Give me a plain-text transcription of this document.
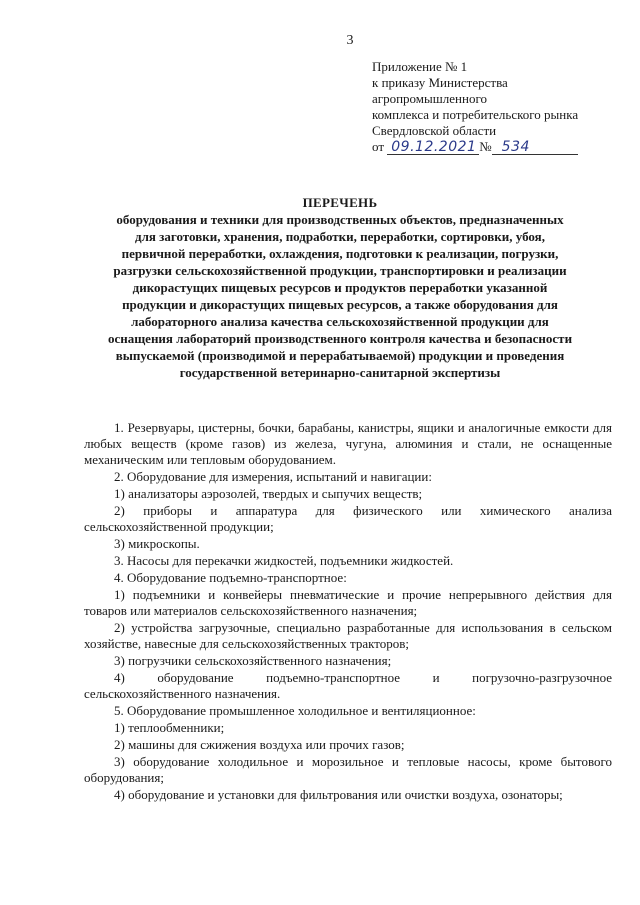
3
Приложение № 1
к приказу Министерства
агропромышленного
комплекса и потребительского рынка
Свердловской области
от 09.12.2021 № 534
ПЕРЕЧЕНЬ
оборудования и техники для производственных объектов, предназначенных
для заготовки, хранения, подработки, переработки, сортировки, убоя,
первичной переработки, охлаждения, подготовки к реализации, погрузки,
разгрузки сельскохозяйственной продукции, транспортировки и реализации
дикорастущих пищевых ресурсов и продуктов переработки указанной
продукции и дикорастущих пищевых ресурсов, а также оборудования для
лабораторного анализа качества сельскохозяйственной продукции для
оснащения лабораторий производственного контроля качества и безопасности
выпускаемой (производимой и перерабатываемой) продукции и проведения
государственной ветеринарно-санитарной экспертизы

1. Резервуары, цистерны, бочки, барабаны, канистры, ящики и аналогичные емкости для любых веществ (кроме газов) из железа, чугуна, алюминия и стали, не оснащенные механическим или тепловым оборудованием.

2. Оборудование для измерения, испытаний и навигации:

1) анализаторы аэрозолей, твердых и сыпучих веществ;

2) приборы и аппаратура для физического или химического анализа сельскохозяйственной продукции;

3) микроскопы.

3. Насосы для перекачки жидкостей, подъемники жидкостей.

4. Оборудование подъемно-транспортное:

1) подъемники и конвейеры пневматические и прочие непрерывного действия для товаров или материалов сельскохозяйственного назначения;

2) устройства загрузочные, специально разработанные для использования в сельском хозяйстве, навесные для сельскохозяйственных тракторов;

3) погрузчики сельскохозяйственного назначения;

4) оборудование подъемно-транспортное и погрузочно-разгрузочное сельскохозяйственного назначения.

5. Оборудование промышленное холодильное и вентиляционное:

1) теплообменники;

2) машины для сжижения воздуха или прочих газов;

3) оборудование холодильное и морозильное и тепловые насосы, кроме бытового оборудования;

4) оборудование и установки для фильтрования или очистки воздуха, озонаторы;
